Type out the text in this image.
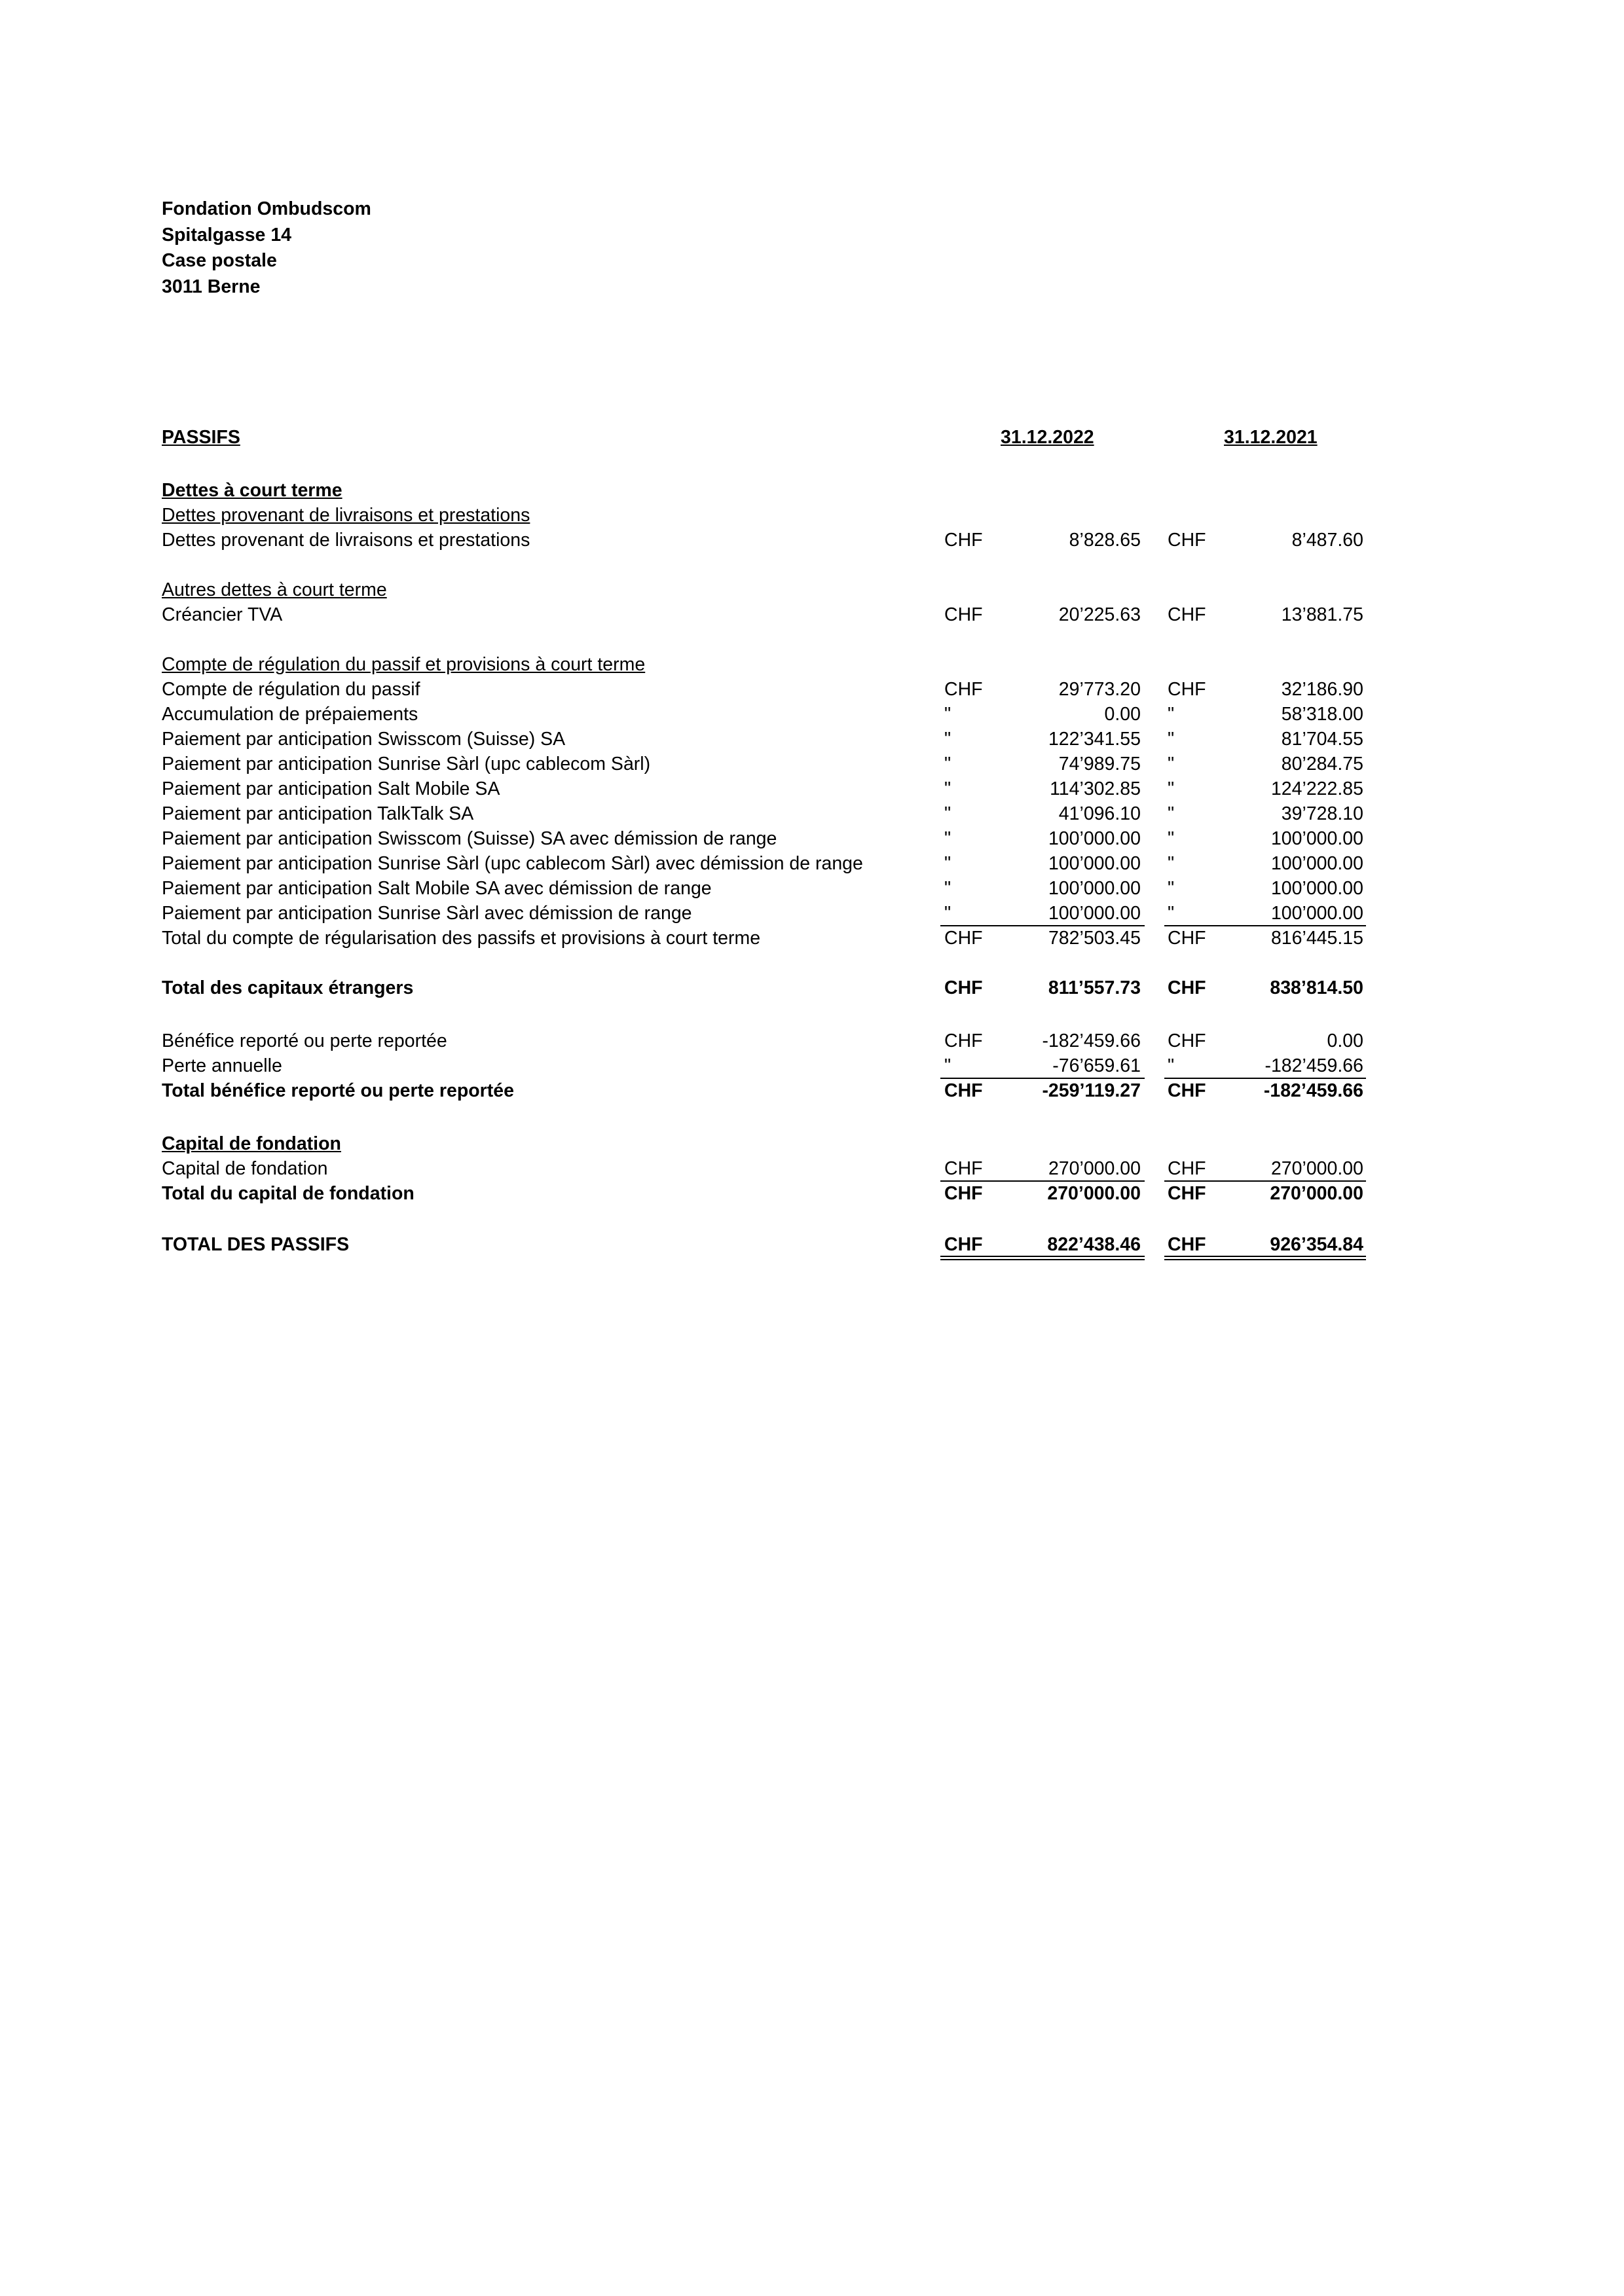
Fondation Ombudscom
Spitalgasse 14
Case postale
3011 Berne
PASSIFS	31.12.2022	31.12.2021
Dettes à court terme
Dettes provenant de livraisons et prestations
Dettes provenant de livraisons et prestations	CHF	8’828.65 CHF	8’487.60
Autres dettes à court terme
Créancier TVA	CHF	20’225.63 CHF	13’881.75
Compte de régulation du passif et provisions à court terme
Compte de régulation du passif	CHF	29’773.20 CHF	32’186.90
Accumulation de prépaiements	"	0.00 "	58’318.00
Paiement par anticipation Swisscom (Suisse) SA	"	122’341.55 "	81’704.55
Paiement par anticipation Sunrise Sàrl (upc cablecom Sàrl)	"	74’989.75 "	80’284.75
Paiement par anticipation Salt Mobile SA	"	114’302.85 "	124’222.85
Paiement par anticipation TalkTalk SA	"	41’096.10 "	39’728.10
Paiement par anticipation Swisscom (Suisse) SA avec démission de range	"	100’000.00 "	100’000.00
Paiement par anticipation Sunrise Sàrl (upc cablecom Sàrl) avec démission de range	"	100’000.00 "	100’000.00
Paiement par anticipation Salt Mobile SA avec démission de range	"	100’000.00 "	100’000.00
Paiement par anticipation Sunrise Sàrl avec démission de range	"	100’000.00 "	100’000.00
Total du compte de régularisation des passifs et provisions à court terme	CHF	782’503.45 CHF	816’445.15
Total des capitaux étrangers	CHF	811’557.73 CHF	838’814.50
Bénéfice reporté ou perte reportée	CHF	-182’459.66 CHF	0.00
Perte annuelle	"	-76’659.61 "	-182’459.66
Total bénéfice reporté ou perte reportée	CHF	-259’119.27 CHF	-182’459.66
Capital de fondation
Capital de fondation	CHF	270’000.00 CHF	270’000.00
Total du capital de fondation	CHF	270’000.00 CHF	270’000.00
TOTAL DES PASSIFS	CHF	822’438.46 CHF	926’354.84
